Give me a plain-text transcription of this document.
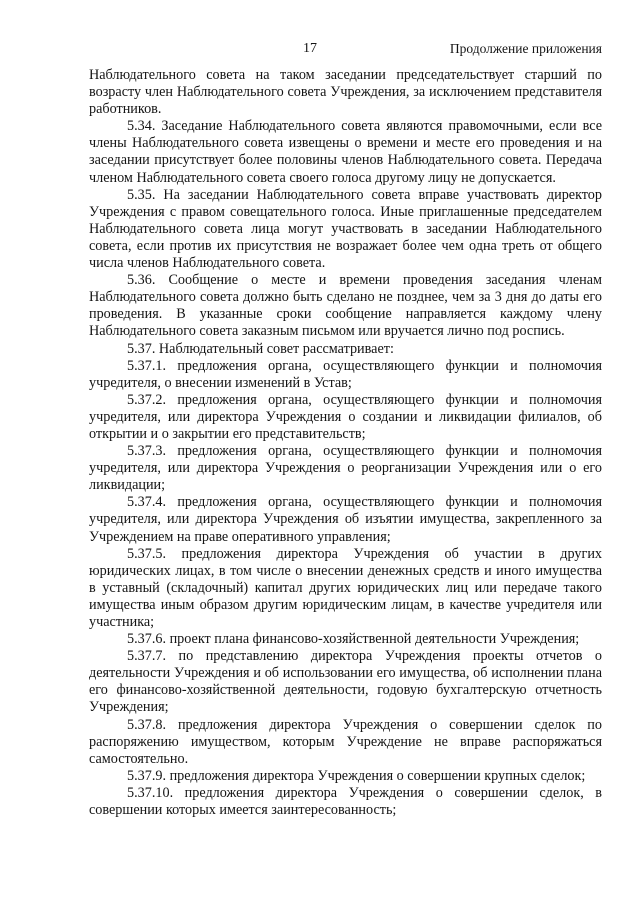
17	Продолжение приложения

Наблюдательного совета на таком заседании председательствует старший по возрасту член Наблюдательного совета Учреждения, за исключением представителя работников.

5.34. Заседание Наблюдательного совета являются правомочными, если все члены Наблюдательного совета извещены о времени и месте его проведения и на заседании присутствует более половины членов Наблюдательного совета. Передача членом Наблюдательного совета своего голоса другому лицу не допускается.

5.35. На заседании Наблюдательного совета вправе участвовать директор Учреждения с правом совещательного голоса. Иные приглашенные председателем Наблюдательного совета лица могут участвовать в заседании Наблюдательного совета, если против их присутствия не возражает более чем одна треть от общего числа членов Наблюдательного совета.

5.36. Сообщение о месте и времени проведения заседания членам Наблюдательного совета должно быть сделано не позднее, чем за 3 дня до даты его проведения. В указанные сроки сообщение направляется каждому члену Наблюдательного совета заказным письмом или вручается лично под роспись.

5.37. Наблюдательный совет рассматривает:

5.37.1. предложения органа, осуществляющего функции и полномочия учредителя, о внесении изменений в Устав;

5.37.2. предложения органа, осуществляющего функции и полномочия учредителя, или директора Учреждения о создании и ликвидации филиалов, об открытии и о закрытии его представительств;

5.37.3. предложения органа, осуществляющего функции и полномочия учредителя, или директора Учреждения о реорганизации Учреждения или о его ликвидации;

5.37.4. предложения органа, осуществляющего функции и полномочия учредителя, или директора Учреждения об изъятии имущества, закрепленного за Учреждением на праве оперативного управления;

5.37.5. предложения директора Учреждения об участии в других юридических лицах, в том числе о внесении денежных средств и иного имущества в уставный (складочный) капитал других юридических лиц или передаче такого имущества иным образом другим юридическим лицам, в качестве учредителя или участника;

5.37.6. проект плана финансово-хозяйственной деятельности Учреждения;

5.37.7. по представлению директора Учреждения проекты отчетов о деятельности Учреждения и об использовании его имущества, об исполнении плана его финансово-хозяйственной деятельности, годовую бухгалтерскую отчетность Учреждения;

5.37.8. предложения директора Учреждения о совершении сделок по распоряжению имуществом, которым Учреждение не вправе распоряжаться самостоятельно.

5.37.9. предложения директора Учреждения о совершении крупных сделок;

5.37.10. предложения директора Учреждения о совершении сделок, в совершении которых имеется заинтересованность;
